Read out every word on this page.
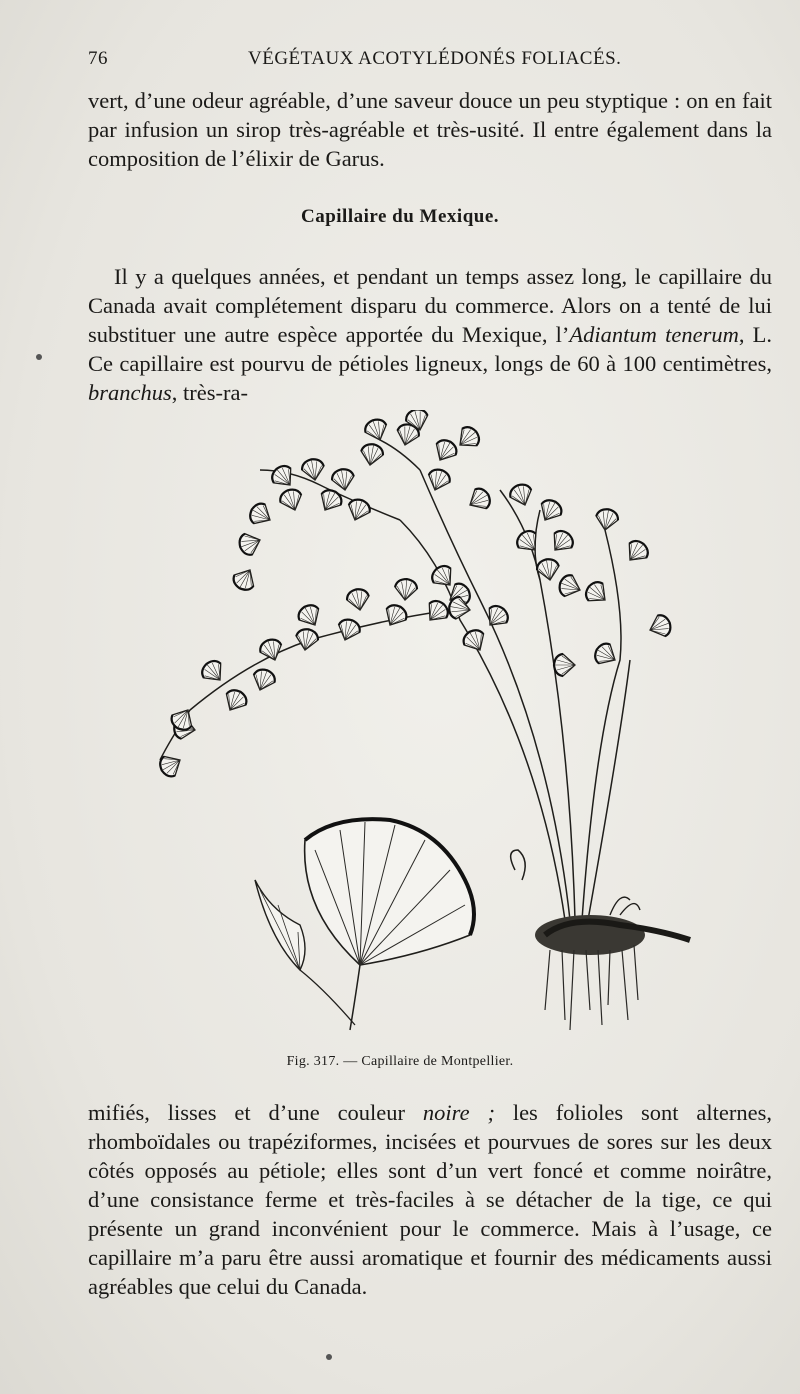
76	VÉGÉTAUX ACOTYLÉDONÉS FOLIACÉS.

vert, d’une odeur agréable, d’une saveur douce un peu styptique : on en fait par infusion un sirop très-agréable et très-usité. Il entre également dans la composition de l’élixir de Garus.

Capillaire du Mexique.

Il y a quelques années, et pendant un temps assez long, le capillaire du Canada avait complétement disparu du commerce. Alors on a tenté de lui substituer une autre espèce apportée du Mexique, l’Adiantum tenerum, L. Ce capillaire est pourvu de pétioles ligneux, longs de 60 à 100 centimètres, branchus, très-ra-

Fig. 317. — Capillaire de Montpellier.

mifiés, lisses et d’une couleur noire ; les folioles sont alternes, rhomboïdales ou trapéziformes, incisées et pourvues de sores sur les deux côtés opposés au pétiole; elles sont d’un vert foncé et comme noirâtre, d’une consistance ferme et très-faciles à se détacher de la tige, ce qui présente un grand inconvénient pour le commerce. Mais à l’usage, ce capillaire m’a paru être aussi aromatique et fournir des médicaments aussi agréables que celui du Canada.
